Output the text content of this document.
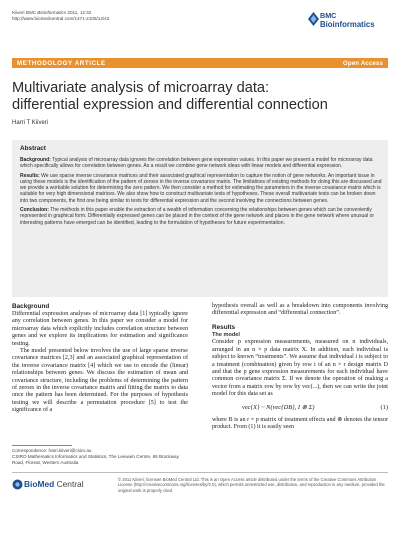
Kiiveri BMC Bioinformatics 2011, 12:42
http://www.biomedcentral.com/1471-2105/12/42	BMC
Bioinformatics
METHODOLOGY ARTICLE	Open Access
Multivariate analysis of microarray data:
differential expression and differential connection
Harri T Kiiveri
Abstract

Background: Typical analysis of microarray data ignores the correlation between gene expression values. In this paper we present a model for microarray data which specifically allows for correlation between genes. As a result we combine gene network ideas with linear models and differential expression.

Results: We use sparse inverse covariance matrices and their associated graphical representation to capture the notion of gene networks. An important issue in using these models is the identification of the pattern of zeroes in the inverse covariance matrix. The limitations of existing methods for doing this are discussed and we provide a workable solution for determining the zero pattern. We then consider a method for estimating the parameters in the inverse covariance matrix which is suitable for very high dimensional matrices. We also show how to construct multivariate tests of hypotheses. These overall multivariate tests can be broken down into two components, the first one being similar to tests for differential expression and the second involving the connections between genes.

Conclusion: The methods in this paper enable the extraction of a wealth of information concerning the relationships between genes which can be conveniently represented in graphical form. Differentially expressed genes can be placed in the context of the gene network and places in the gene network where unusual or interesting patterns have emerged can be identified, leading to the formulation of hypotheses for future experimentation.

Background

Differential expression analyses of microarray data [1] typically ignore any correlation between genes. In this paper we consider a model for microarray data which explicitly includes correlation structure between genes and we explore its implications for estimation and significance testing.

The model presented below involves the use of large sparse inverse covariance matrices [2,3] and an associated graphical representation of the inverse covariance matrix [4] which we use to encode the (linear) relationships between genes. We discuss the estimation of mean and covariance structure, including the problems of determining the pattern of zeroes in the inverse covariance matrix and fitting the matrix to data once the pattern has been determined. For the purposes of hypothesis testing we will describe a permutation procedure [5] to test the significance of a

hypothesis overall as well as a breakdown into components involving differential expression and “differential connection”.

Results
The model

Consider p expression measurements, measured on n individuals, arranged in an n × p data matrix X. In addition, each individual is subject to known “treatments”. We assume that individual i is subject to a treatment (combination) given by row i of an n × r design matrix D and that the p gene expression measurements for each individual have common covariance matrix Σ. If we denote the operation of making a vector from a matrix row by row by vec(...), then we can write the joint model for this data set as

vec{X} ~ N(vec{DB}, I ⊗ Σ)	(1)

where B is an r × p matrix of treatment effects and ⊗ denotes the tensor product. From (1) it is easily seen

Correspondence: harri.kiiveri@csiro.au
CSIRO Mathematics Informatics and Statistics, The Leeuwin Centre, 65 Brockway Road, Floreat, Western Australia
BioMed Central	© 2011 Kiiveri; licensee BioMed Central Ltd. This is an Open Access article distributed under the terms of the Creative Commons Attribution License (http://creativecommons.org/licenses/by/2.0), which permits unrestricted use, distribution, and reproduction in any medium, provided the original work is properly cited.
